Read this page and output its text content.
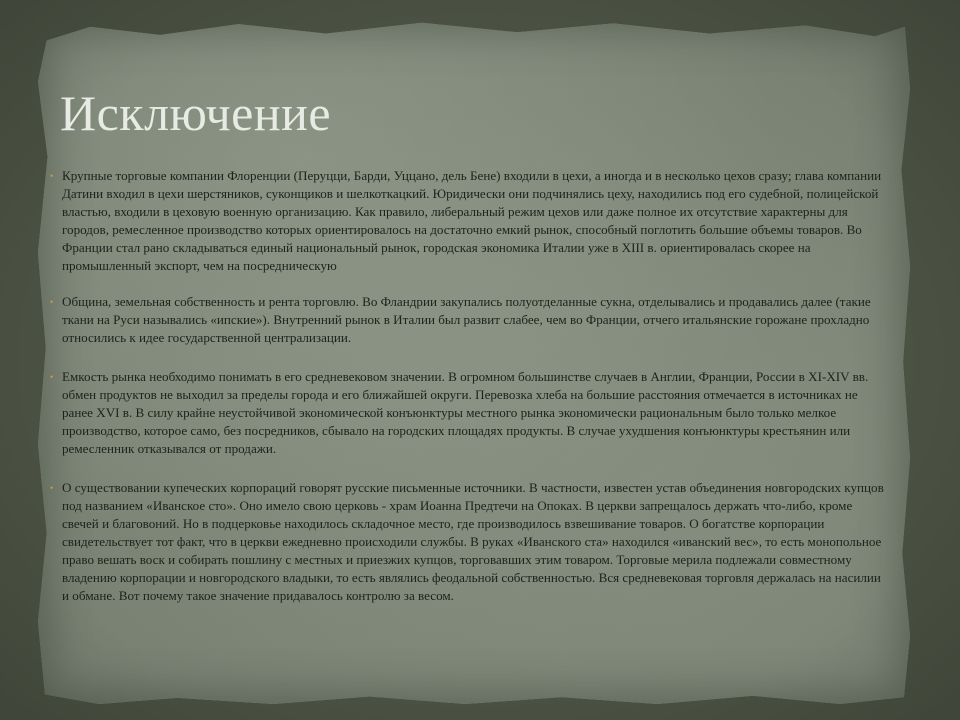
Исключение
• Крупные торговые компании Флоренции (Перуцци, Барди, Уццано, дель Бене) входили в цехи, а иногда и в несколько цехов сразу; глава компании Датини входил в цехи шерстяников, суконщиков и шелкоткацкий. Юридически они подчинялись цеху, находились под его судебной, полицейской властью, входили в цеховую военную организацию. Как правило, либеральный режим цехов или даже полное их отсутствие характерны для городов, ремесленное производство которых ориентировалось на достаточно емкий рынок, способный поглотить большие объемы товаров. Во Франции стал рано складываться единый национальный рынок, городская экономика Италии уже в XIII в. ориентировалась скорее на промышленный экспорт, чем на посредническую
• Община, земельная собственность и рента торговлю. Во Фландрии закупались полуотделанные сукна, отделывались и продавались далее (такие ткани на Руси назывались «ипские»). Внутренний рынок в Италии был развит слабее, чем во Франции, отчего итальянские горожане прохладно относились к идее государственной централизации.
• Емкость рынка необходимо понимать в его средневековом значении. В огромном большинстве случаев в Англии, Франции, России в XI-XIV вв. обмен продуктов не выходил за пределы города и его ближайшей округи. Перевозка хлеба на большие расстояния отмечается в источниках не ранее XVI в. В силу крайне неустойчивой экономической конъюнктуры местного рынка экономически рациональным было только мелкое производство, которое само, без посредников, сбывало на городских площадях продукты. В случае ухудшения конъюнктуры крестьянин или ремесленник отказывался от продажи.
• О существовании купеческих корпораций говорят русские письменные источники. В частности, известен устав объединения новгородских купцов под названием «Иванское сто». Оно имело свою церковь - храм Иоанна Предтечи на Опоках. В церкви запрещалось держать что-либо, кроме свечей и благовоний. Но в подцерковье находилось складочное место, где производилось взвешивание товаров. О богатстве корпорации свидетельствует тот факт, что в церкви ежедневно происходили службы. В руках «Иванского ста» находился «иванский вес», то есть монопольное право вешать воск и собирать пошлину с местных и приезжих купцов, торговавших этим товаром. Торговые мерила подлежали совместному владению корпорации и новгородского владыки, то есть являлись феодальной собственностью. Вся средневековая торговля держалась на насилии и обмане. Вот почему такое значение придавалось контролю за весом.
